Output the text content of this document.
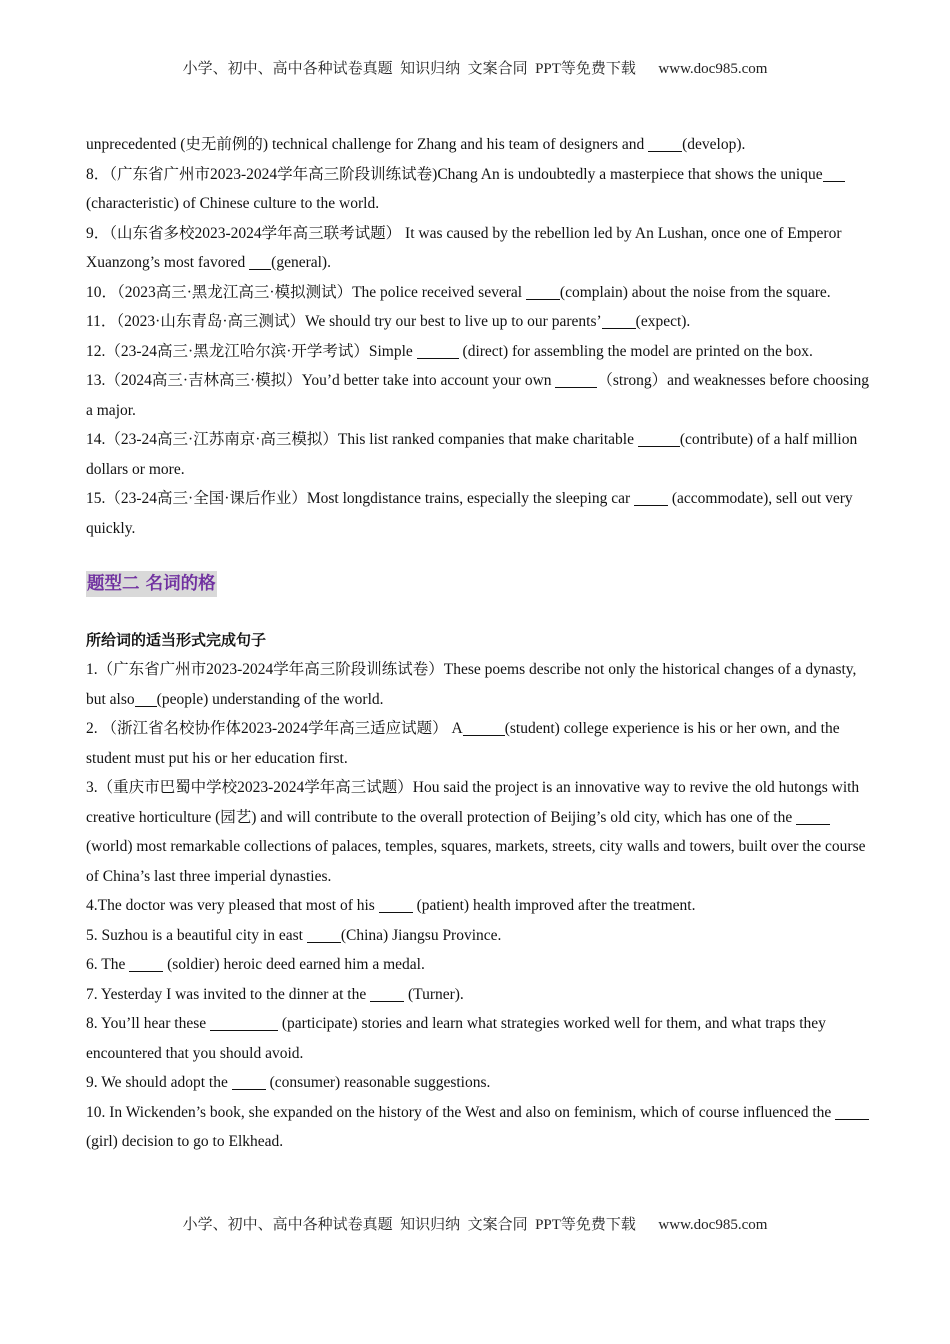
小学、初中、高中各种试卷真题  知识归纳  文案合同  PPT等免费下载      www.doc985.com

unprecedented (史无前例的) technical challenge for Zhang and his team of designers and (develop).

8．（广东省广州市2023-2024学年高三阶段训练试卷)Chang An is undoubtedly a masterpiece that shows the unique(characteristic) of Chinese culture to the world.

9．（山东省多校2023-2024学年高三联考试题） It was caused by the rebellion led by An Lushan, once one of Emperor Xuanzong’s most favored (general).

10．（2023高三·黑龙江高三·模拟测试）The police received several (complain) about the noise from the square.

11．（2023·山东青岛·高三测试）We should try our best to live up to our parents’ (expect).

12.（23-24高三·黑龙江哈尔滨·开学考试）Simple	(direct) for assembling the model are printed on the box.

13.（2024高三·吉林高三·模拟）You’d better take into account your own	（strong）and weaknesses before choosing a major.

14.（23-24高三·江苏南京·高三模拟）This list ranked companies that make charitable	(contribute) of a half million dollars or more.

15.（23-24高三·全国·课后作业）Most longdistance trains, especially the sleeping car  (accommodate), sell out very quickly.

题型二 名词的格
所给词的适当形式完成句子

1.（广东省广州市2023-2024学年高三阶段训练试卷）These poems describe not only the historical changes of a dynasty, but also (people) understanding of the world.

2. （浙江省名校协作体2023-2024学年高三适应试题） A	(student) college experience is his or her own, and the student must put his or her education first.

3.（重庆市巴蜀中学校2023-2024学年高三试题）Hou said the project is an innovative way to revive the old hutongs with creative horticulture (园艺) and will contribute to the overall protection of Beijing’s old city, which has one of the  (world) most remarkable collections of palaces, temples, squares, markets, streets, city walls and towers, built over the course of China’s last three imperial dynasties.

4.The doctor was very pleased that most of his  (patient) health improved after the treatment.

5. Suzhou is a beautiful city in east (China) Jiangsu Province.

6. The  (soldier) heroic deed earned him a medal.

7. Yesterday I was invited to the dinner at the  (Turner).

8. You’ll hear these	(participate) stories and learn what strategies worked well for them, and what traps they encountered that you should avoid.

9. We should adopt the  (consumer) reasonable suggestions.

10. In Wickenden’s book, she expanded on the history of the West and also on feminism, which of course influenced the  (girl) decision to go to Elkhead.

小学、初中、高中各种试卷真题  知识归纳  文案合同  PPT等免费下载      www.doc985.com
